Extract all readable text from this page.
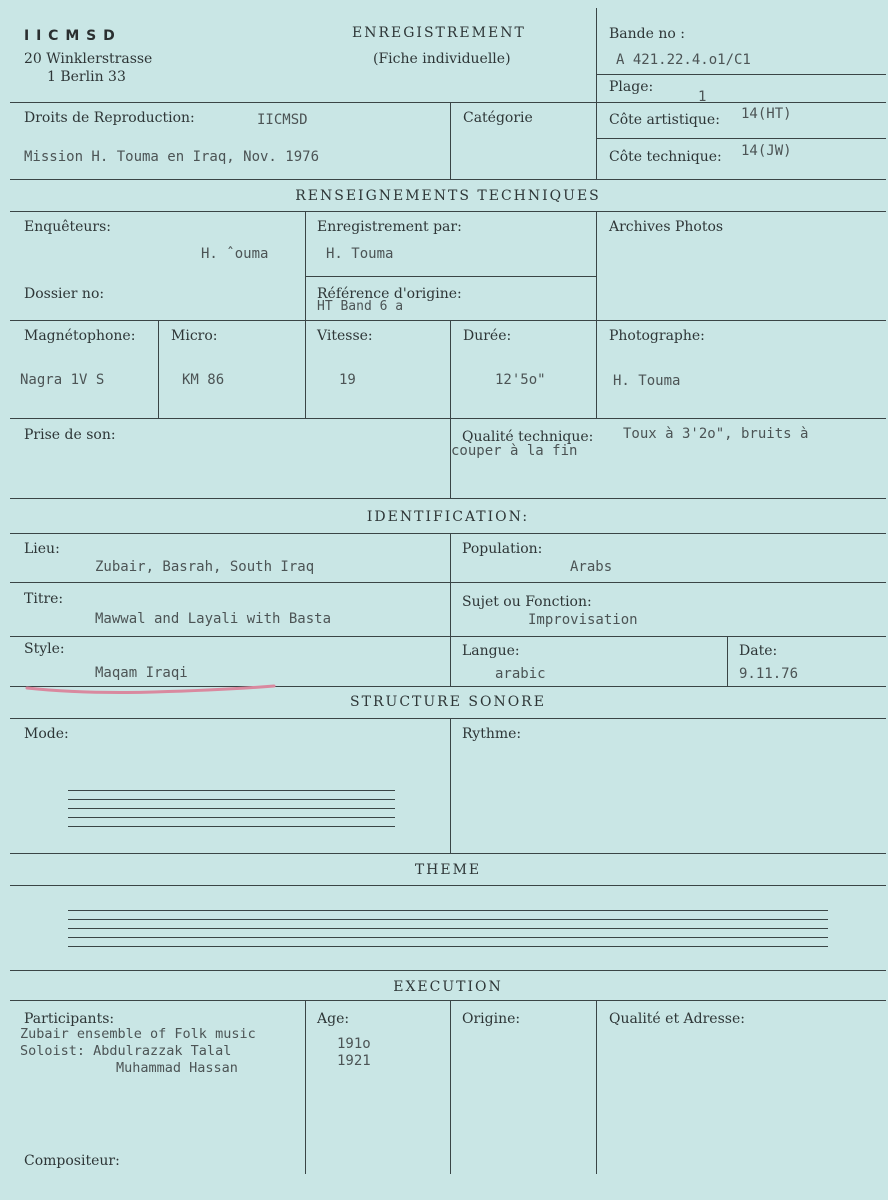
I I C M S D
20 Winklerstrasse
1 Berlin 33
ENREGISTREMENT
(Fiche individuelle)
Bande no :
A 421.22.4.o1/C1
Plage:
1
Droits de Reproduction:	IICMSD
Mission H. Touma en Iraq, Nov. 1976
Catégorie	Côte artistique: 14(HT)
Côte technique: 14(JW)
RENSEIGNEMENTS TECHNIQUES
Enquêteurs:
H. ˆouma
Enregistrement par:
H. Touma
Archives Photos
Dossier no:	Référence d'origine:
HT Band 6 a
Magnétophone:
Nagra 1V S
Micro:
KM 86
Vitesse:
19
Durée:
12'5o"
Photographe:
H. Touma
Prise de son:	Qualité technique: Toux à 3'2o", bruits à
couper à la fin
IDENTIFICATION:
Lieu:
Zubair, Basrah, South Iraq
Population:
Arabs
Titre:
Mawwal and Layali with Basta
Sujet ou Fonction:
Improvisation
Style:
Maqam Iraqi
Langue:
arabic
Date:
9.11.76
STRUCTURE SONORE
Mode:	Rythme:
THEME
EXECUTION
Participants:
Zubair ensemble of Folk music
Soloist: Abdulrazzak Talal
Muhammad Hassan
Age:
191o
1921
Origine:	Qualité et Adresse:
Compositeur:
